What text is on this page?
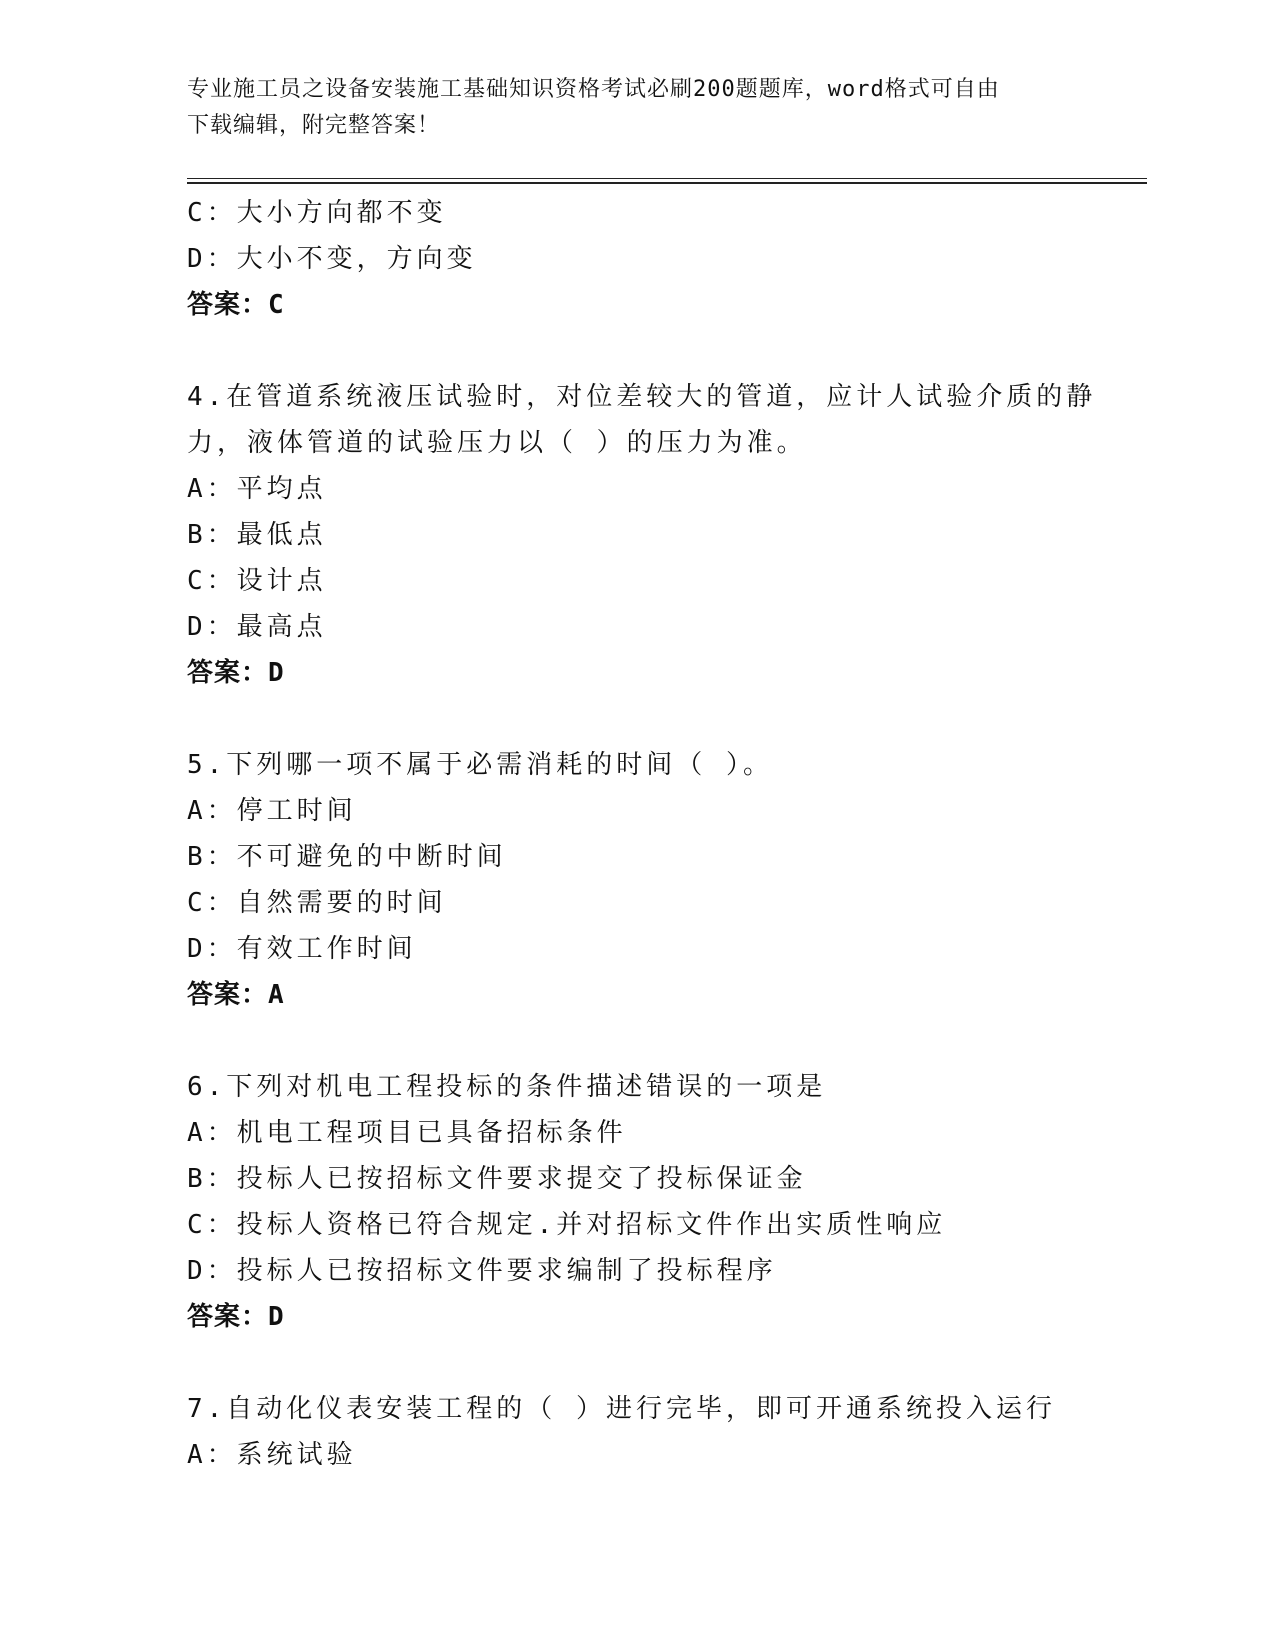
专业施工员之设备安装施工基础知识资格考试必刷200题题库，word格式可自由
下载编辑，附完整答案！
C：大小方向都不变
D：大小不变，方向变
答案：C
4.在管道系统液压试验时，对位差较大的管道，应计人试验介质的静
力，液体管道的试验压力以（ ）的压力为准。
A：平均点
B：最低点
C：设计点
D：最高点
答案：D
5.下列哪一项不属于必需消耗的时间（ ）。
A：停工时间
B：不可避免的中断时间
C：自然需要的时间
D：有效工作时间
答案：A
6.下列对机电工程投标的条件描述错误的一项是
A：机电工程项目已具备招标条件
B：投标人已按招标文件要求提交了投标保证金
C：投标人资格已符合规定.并对招标文件作出实质性响应
D：投标人已按招标文件要求编制了投标程序
答案：D
7.自动化仪表安装工程的（ ）进行完毕，即可开通系统投入运行
A：系统试验
